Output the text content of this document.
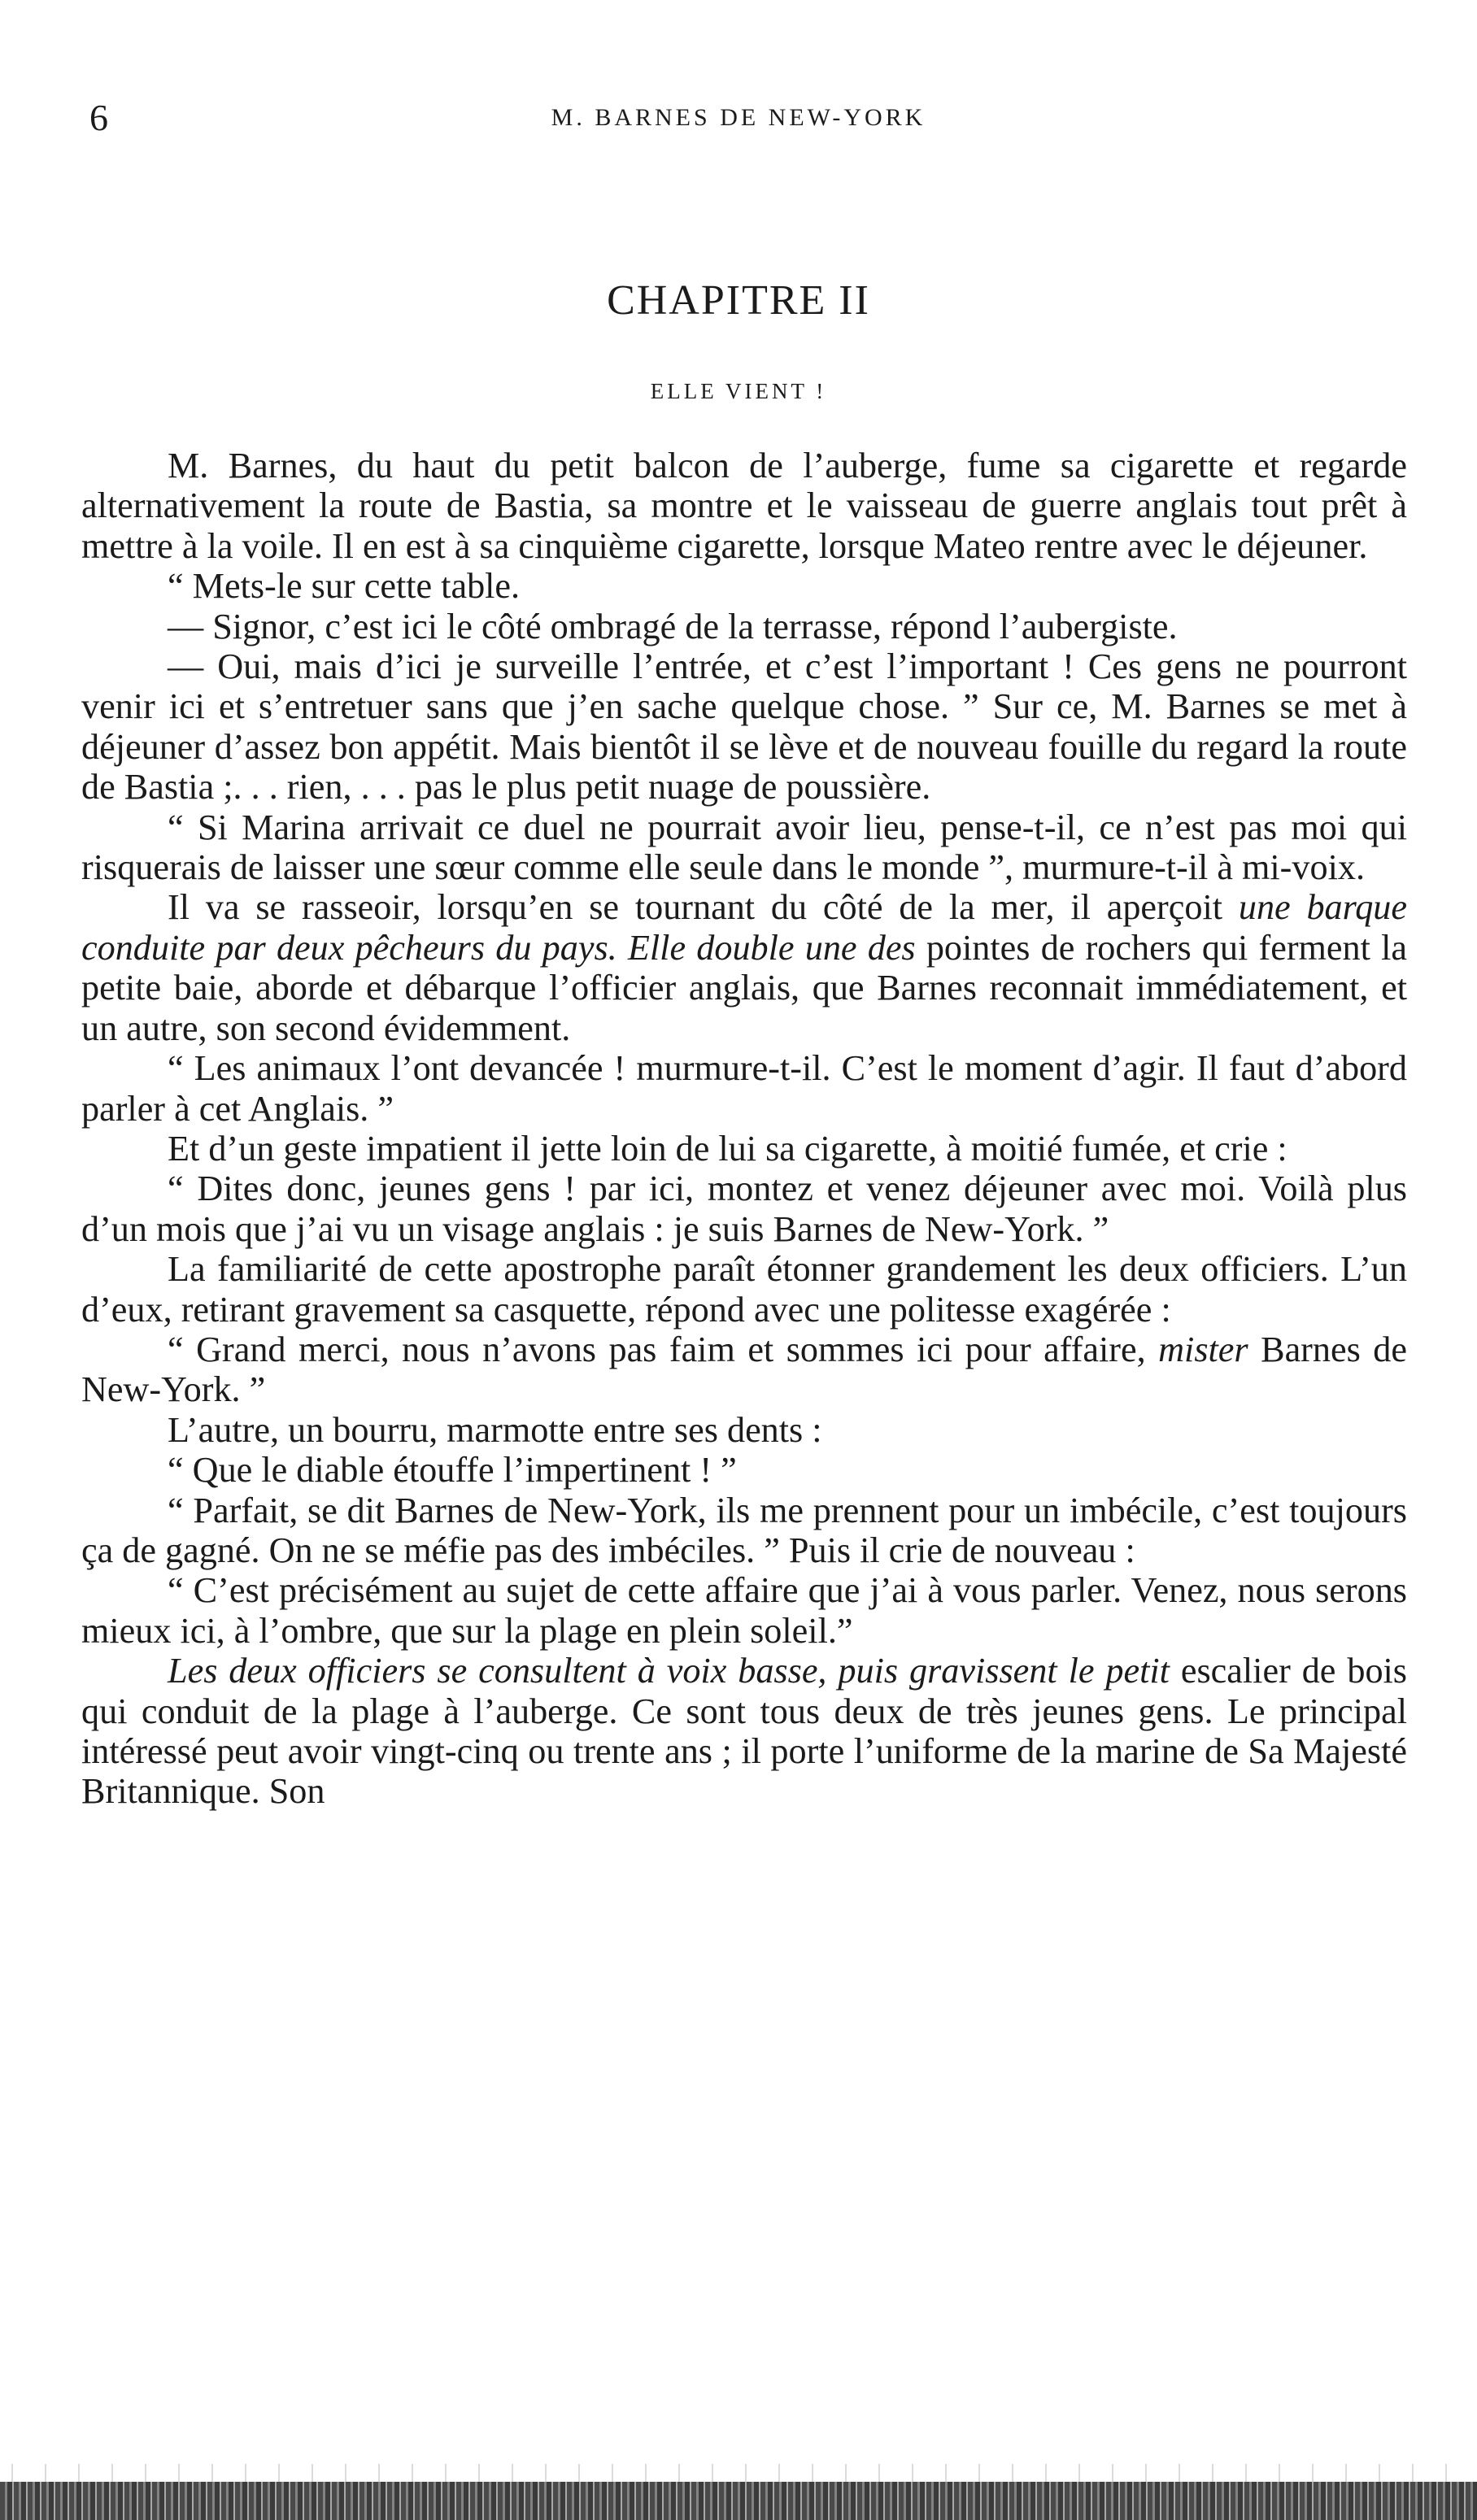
6	M. BARNES DE NEW-YORK
CHAPITRE II
ELLE VIENT !

M. Barnes, du haut du petit balcon de l’auberge, fume sa cigarette et regarde alternativement la route de Bastia, sa montre et le vaisseau de guerre anglais tout prêt à mettre à la voile. Il en est à sa cinquième cigarette, lorsque Mateo rentre avec le déjeuner.

“ Mets-le sur cette table.

— Signor, c’est ici le côté ombragé de la terrasse, répond l’aubergiste.

— Oui, mais d’ici je surveille l’entrée, et c’est l’important ! Ces gens ne pourront venir ici et s’entretuer sans que j’en sache quelque chose. ” Sur ce, M. Barnes se met à déjeuner d’assez bon appétit. Mais bientôt il se lève et de nouveau fouille du regard la route de Bastia ;. . . rien, . . . pas le plus petit nuage de poussière.

“ Si Marina arrivait ce duel ne pourrait avoir lieu, pense-t-il, ce n’est pas moi qui risquerais de laisser une sœur comme elle seule dans le monde ”, murmure-t-il à mi-voix.

Il va se rasseoir, lorsqu’en se tournant du côté de la mer, il aperçoit une barque conduite par deux pêcheurs du pays. Elle double une des pointes de rochers qui ferment la petite baie, aborde et débarque l’officier anglais, que Barnes reconnait immédiatement, et un autre, son second évidemment.

“ Les animaux l’ont devancée ! murmure-t-il. C’est le moment d’agir. Il faut d’abord parler à cet Anglais. ”

Et d’un geste impatient il jette loin de lui sa cigarette, à moitié fumée, et crie :

“ Dites donc, jeunes gens ! par ici, montez et venez déjeuner avec moi. Voilà plus d’un mois que j’ai vu un visage anglais : je suis Barnes de New-York. ”

La familiarité de cette apostrophe paraît étonner grandement les deux officiers. L’un d’eux, retirant gravement sa casquette, répond avec une politesse exagérée :

“ Grand merci, nous n’avons pas faim et sommes ici pour affaire, mister Barnes de New-York. ”

L’autre, un bourru, marmotte entre ses dents :

“ Que le diable étouffe l’impertinent ! ”

“ Parfait, se dit Barnes de New-York, ils me prennent pour un imbécile, c’est toujours ça de gagné. On ne se méfie pas des imbéciles. ” Puis il crie de nouveau :

“ C’est précisément au sujet de cette affaire que j’ai à vous parler. Venez, nous serons mieux ici, à l’ombre, que sur la plage en plein soleil.”

Les deux officiers se consultent à voix basse, puis gravissent le petit escalier de bois qui conduit de la plage à l’auberge. Ce sont tous deux de très jeunes gens. Le principal intéressé peut avoir vingt-cinq ou trente ans ; il porte l’uniforme de la marine de Sa Majesté Britannique. Son
